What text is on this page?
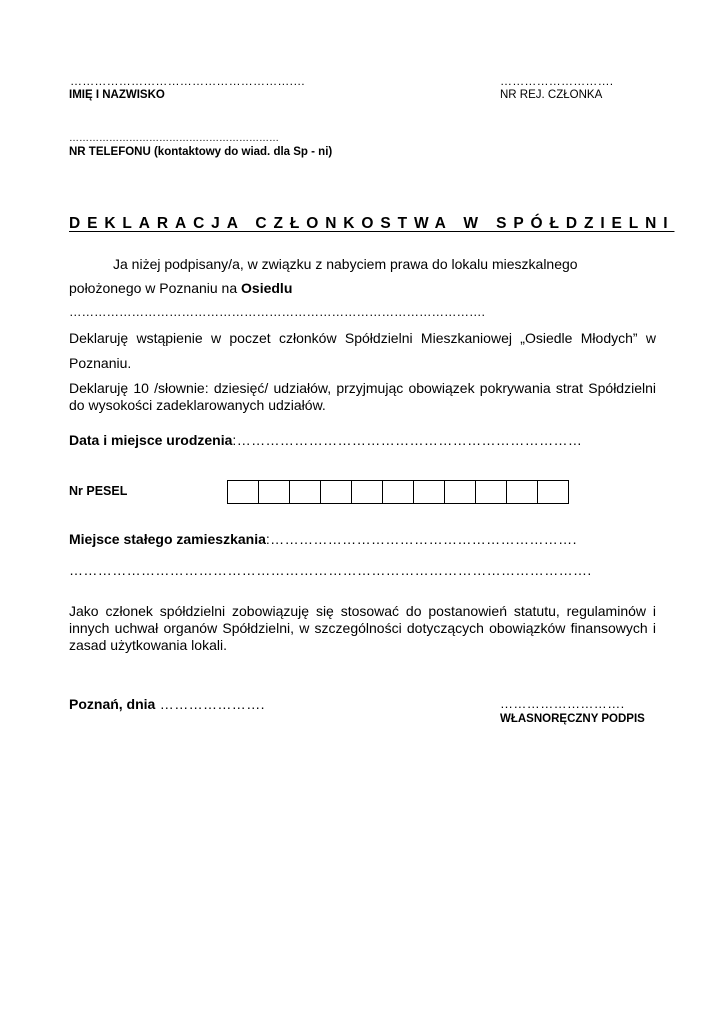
……………………………………………….…
IMIĘ I NAZWISKO
……………………….
NR REJ. CZŁONKA
………………………………………………………
NR TELEFONU (kontaktowy do wiad. dla Sp - ni)
DEKLARACJA CZŁONKOSTWA W SPÓŁDZIELNI
Ja niżej podpisany/a, w związku z nabyciem prawa do lokalu mieszkalnego
położonego w Poznaniu na Osiedlu
……………………………………………………………………………………….
Deklaruję wstąpienie w poczet członków Spółdzielni Mieszkaniowej „Osiedle Młodych” w
Poznaniu.
Deklaruję 10 /słownie: dziesięć/ udziałów, przyjmując obowiązek pokrywania strat Spółdzielni do wysokości zadeklarowanych udziałów.
Data i miejsce urodzenia:………………………………………………………………
Nr PESEL
Miejsce stałego zamieszkania:……………………………………………………….
……………………………………………………………………………………………….
Jako członek spółdzielni zobowiązuję się stosować do postanowień statutu, regulaminów i innych uchwał organów Spółdzielni, w szczególności dotyczących obowiązków finansowych i zasad użytkowania lokali.
Poznań, dnia ………………….	……………………….
WŁASNORĘCZNY PODPIS
